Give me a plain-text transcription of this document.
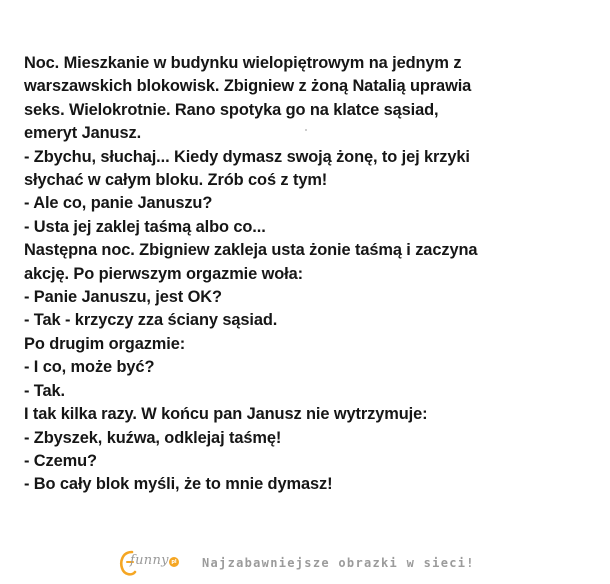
Noc. Mieszkanie w budynku wielopiętrowym na jednym z
warszawskich blokowisk. Zbigniew z żoną Natalią uprawia
seks. Wielokrotnie. Rano spotyka go na klatce sąsiad,
emeryt Janusz.
- Zbychu, słuchaj... Kiedy dymasz swoją żonę, to jej krzyki
słychać w całym bloku. Zrób coś z tym!
- Ale co, panie Januszu?
- Usta jej zaklej taśmą albo co...
Następna noc. Zbigniew zakleja usta żonie taśmą i zaczyna
akcję. Po pierwszym orgazmie woła:
- Panie Januszu, jest OK?
- Tak - krzyczy zza ściany sąsiad.
Po drugim orgazmie:
- I co, może być?
- Tak.
I tak kilka razy. W końcu pan Janusz nie wytrzymuje:
- Zbyszek, kuźwa, odklejaj taśmę!
- Czemu?
- Bo cały blok myśli, że to mnie dymasz!
funny pl Najzabawniejsze obrazki w sieci!
